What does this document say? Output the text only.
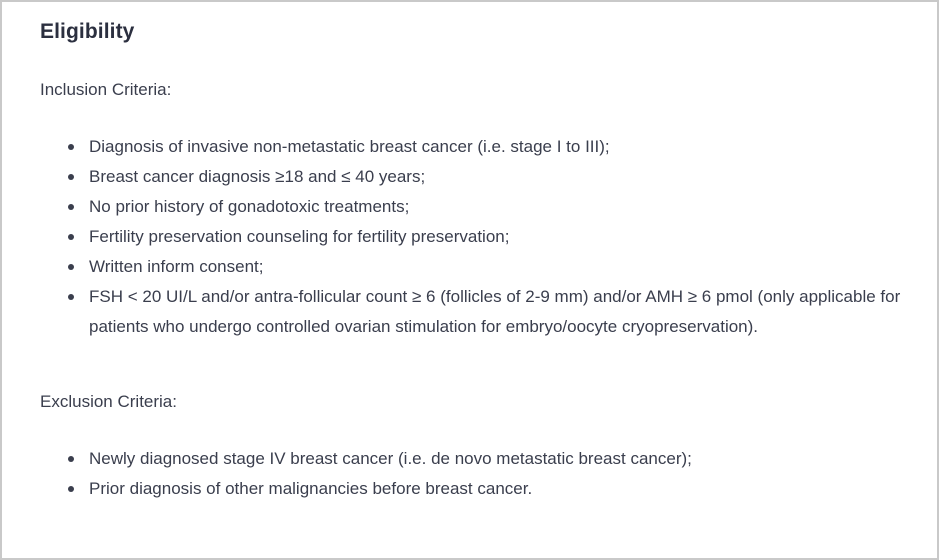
Eligibility

Inclusion Criteria:

Diagnosis of invasive non-metastatic breast cancer (i.e. stage I to III);
Breast cancer diagnosis ≥18 and ≤ 40 years;
No prior history of gonadotoxic treatments;
Fertility preservation counseling for fertility preservation;
Written inform consent;
FSH < 20 UI/L and/or antra-follicular count ≥ 6 (follicles of 2-9 mm) and/or AMH ≥ 6 pmol (only applicable for patients who undergo controlled ovarian stimulation for embryo/oocyte cryopreservation).

Exclusion Criteria:

Newly diagnosed stage IV breast cancer (i.e. de novo metastatic breast cancer);
Prior diagnosis of other malignancies before breast cancer.
